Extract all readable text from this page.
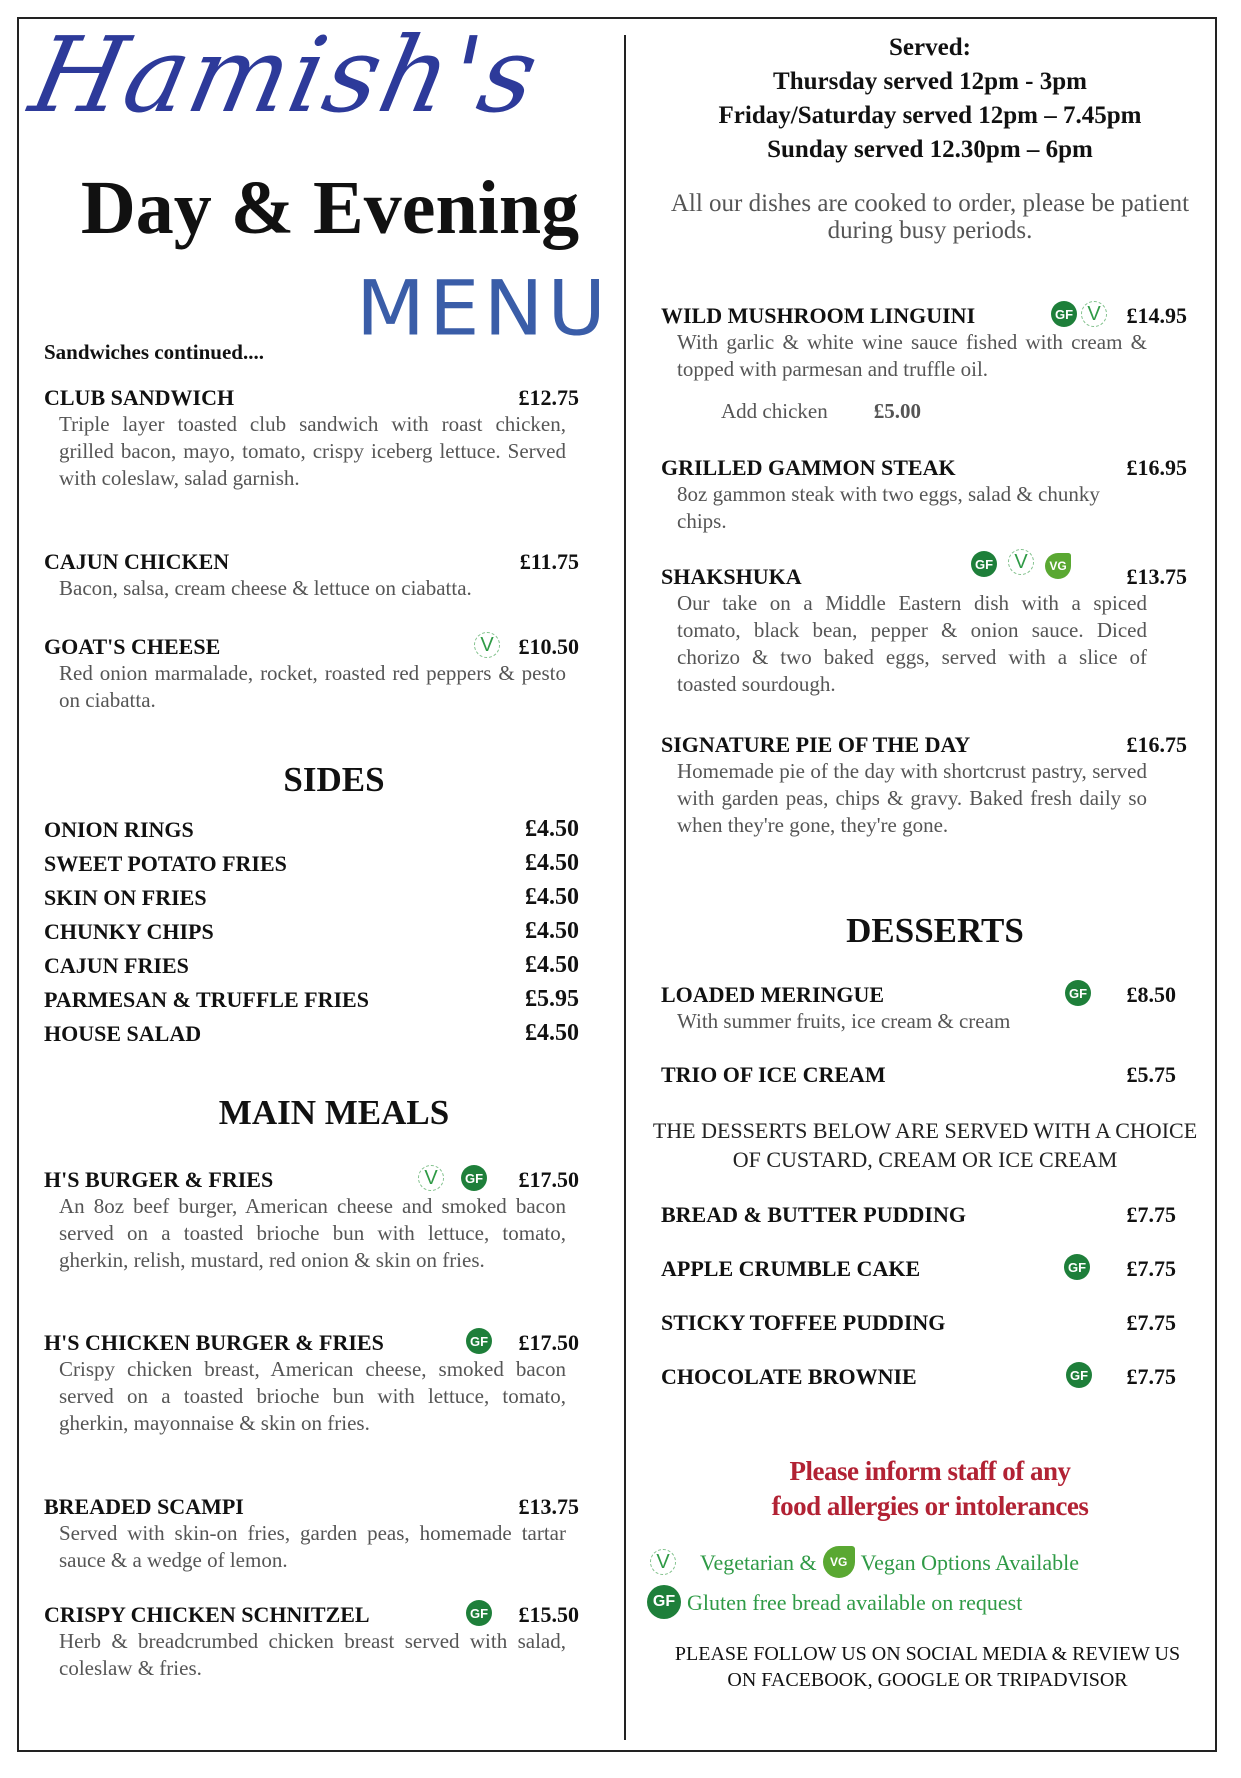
Hamish's
Day & Evening
MENU
Sandwiches continued....
CLUB SANDWICH	£12.75
Triple layer toasted club sandwich with roast chicken, grilled bacon, mayo, tomato, crispy iceberg lettuce. Served with coleslaw, salad garnish.
CAJUN CHICKEN	£11.75
Bacon, salsa, cream cheese & lettuce on ciabatta.
GOAT'S CHEESE	V £10.50
Red onion marmalade, rocket, roasted red peppers & pesto on ciabatta.
SIDES
ONION RINGS	£4.50
SWEET POTATO FRIES	£4.50
SKIN ON FRIES	£4.50
CHUNKY CHIPS	£4.50
CAJUN FRIES	£4.50
PARMESAN & TRUFFLE FRIES	£5.95
HOUSE SALAD	£4.50
MAIN MEALS
H'S BURGER & FRIES	V	GF £17.50
An 8oz beef burger, American cheese and smoked bacon served on a toasted brioche bun with lettuce, tomato, gherkin, relish, mustard, red onion & skin on fries.
H'S CHICKEN BURGER & FRIES	GF £17.50
Crispy chicken breast, American cheese, smoked bacon served on a toasted brioche bun with lettuce, tomato, gherkin, mayonnaise & skin on fries.
BREADED SCAMPI	£13.75
Served with skin-on fries, garden peas, homemade tartar sauce & a wedge of lemon.
CRISPY CHICKEN SCHNITZEL	GF £15.50
Herb & breadcrumbed chicken breast served with salad, coleslaw & fries.
Served:
Thursday served 12pm - 3pm
Friday/Saturday served 12pm – 7.45pm
Sunday served 12.30pm – 6pm
All our dishes are cooked to order, please be patient during busy periods.
WILD MUSHROOM LINGUINI	GF V £14.95
With garlic & white wine sauce fished with cream & topped with parmesan and truffle oil.
Add chicken £5.00
GRILLED GAMMON STEAK	£16.95
8oz gammon steak with two eggs, salad & chunky chips.
SHAKSHUKA	GF	V	VG	£13.75
Our take on a Middle Eastern dish with a spiced tomato, black bean, pepper & onion sauce. Diced chorizo & two baked eggs, served with a slice of toasted sourdough.
SIGNATURE PIE OF THE DAY	£16.75
Homemade pie of the day with shortcrust pastry, served with garden peas, chips & gravy. Baked fresh daily so when they're gone, they're gone.
DESSERTS
LOADED MERINGUE	GF £8.50
With summer fruits, ice cream & cream
TRIO OF ICE CREAM	£5.75
THE DESSERTS BELOW ARE SERVED WITH A CHOICE OF CUSTARD, CREAM OR ICE CREAM
BREAD & BUTTER PUDDING	£7.75
APPLE CRUMBLE CAKE	GF £7.75
STICKY TOFFEE PUDDING	£7.75
CHOCOLATE BROWNIE	GF £7.75
Please inform staff of any
food allergies or intolerances
V Vegetarian &	VG Vegan Options Available
GF Gluten free bread available on request
PLEASE FOLLOW US ON SOCIAL MEDIA & REVIEW US
ON FACEBOOK, GOOGLE OR TRIPADVISOR
